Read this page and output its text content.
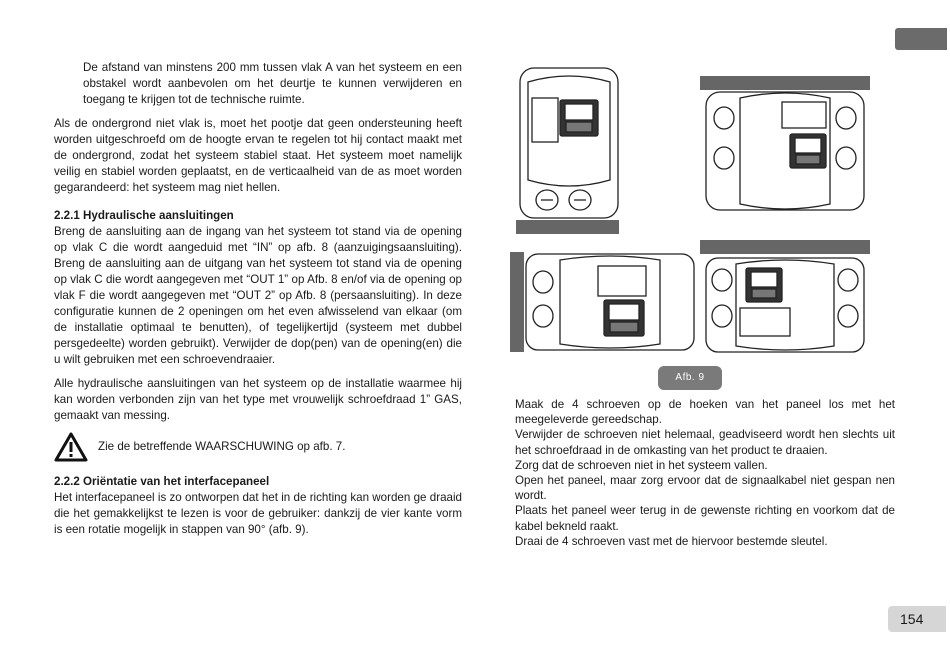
154

De afstand van minstens 200 mm tussen vlak A van het systeem en een obstakel wordt aanbevolen om het deurtje te kunnen verwijderen en toegang te krijgen tot de technische ruimte.

Als de ondergrond niet vlak is, moet het pootje dat geen ondersteuning heeft worden uitgeschroefd om de hoogte ervan te regelen tot hij contact maakt met de ondergrond, zodat het systeem stabiel staat. Het systeem moet namelijk veilig en stabiel worden geplaatst, en de verticaalheid van de as moet worden gegarandeerd: het systeem mag niet hellen.

2.2.1 Hydraulische aansluitingen

Breng de aansluiting aan de ingang van het systeem tot stand via de opening op vlak C die wordt aangeduid met “IN” op afb. 8 (aanzuigingsaansluiting). Breng de aansluiting aan de uitgang van het systeem tot stand via de opening op vlak C die wordt aangegeven met “OUT 1” op Afb. 8 en/of via de opening op vlak F die wordt aangegeven met “OUT 2” op Afb. 8 (persaansluiting). In deze configuratie kunnen de 2 openingen om het even afwisselend van elkaar (om de installatie optimaal te benutten), of tegelijkertijd (systeem met dubbel persgedeelte) worden gebruikt). Verwijder de dop(pen) van de opening(en) die u wilt gebruiken met een schroevendraaier.

Alle hydraulische aansluitingen van het systeem op de installatie waarmee hij kan worden verbonden zijn van het type met vrouwelijk schroefdraad 1” GAS, gemaakt van messing.

Zie de betreffende WAARSCHUWING op afb. 7.

2.2.2 Oriëntatie van het interfacepaneel

Het interfacepaneel is zo ontworpen dat het in de richting kan worden ge draaid die het gemakkelijkst te lezen is voor de gebruiker: dankzij de vier kante vorm is een rotatie mogelijk in stappen van 90° (afb. 9).

Afb. 9

Maak de 4 schroeven op de hoeken van het paneel los met het meegeleverde gereedschap.

Verwijder de schroeven niet helemaal, geadviseerd wordt hen slechts uit het schroefdraad in de omkasting van het product te draaien.

Zorg dat de schroeven niet in het systeem vallen.

Open het paneel, maar zorg ervoor dat de signaalkabel niet gespan nen wordt.

Plaats het paneel weer terug in de gewenste richting en voorkom dat de kabel bekneld raakt.

Draai de 4 schroeven vast met de hiervoor bestemde sleutel.
